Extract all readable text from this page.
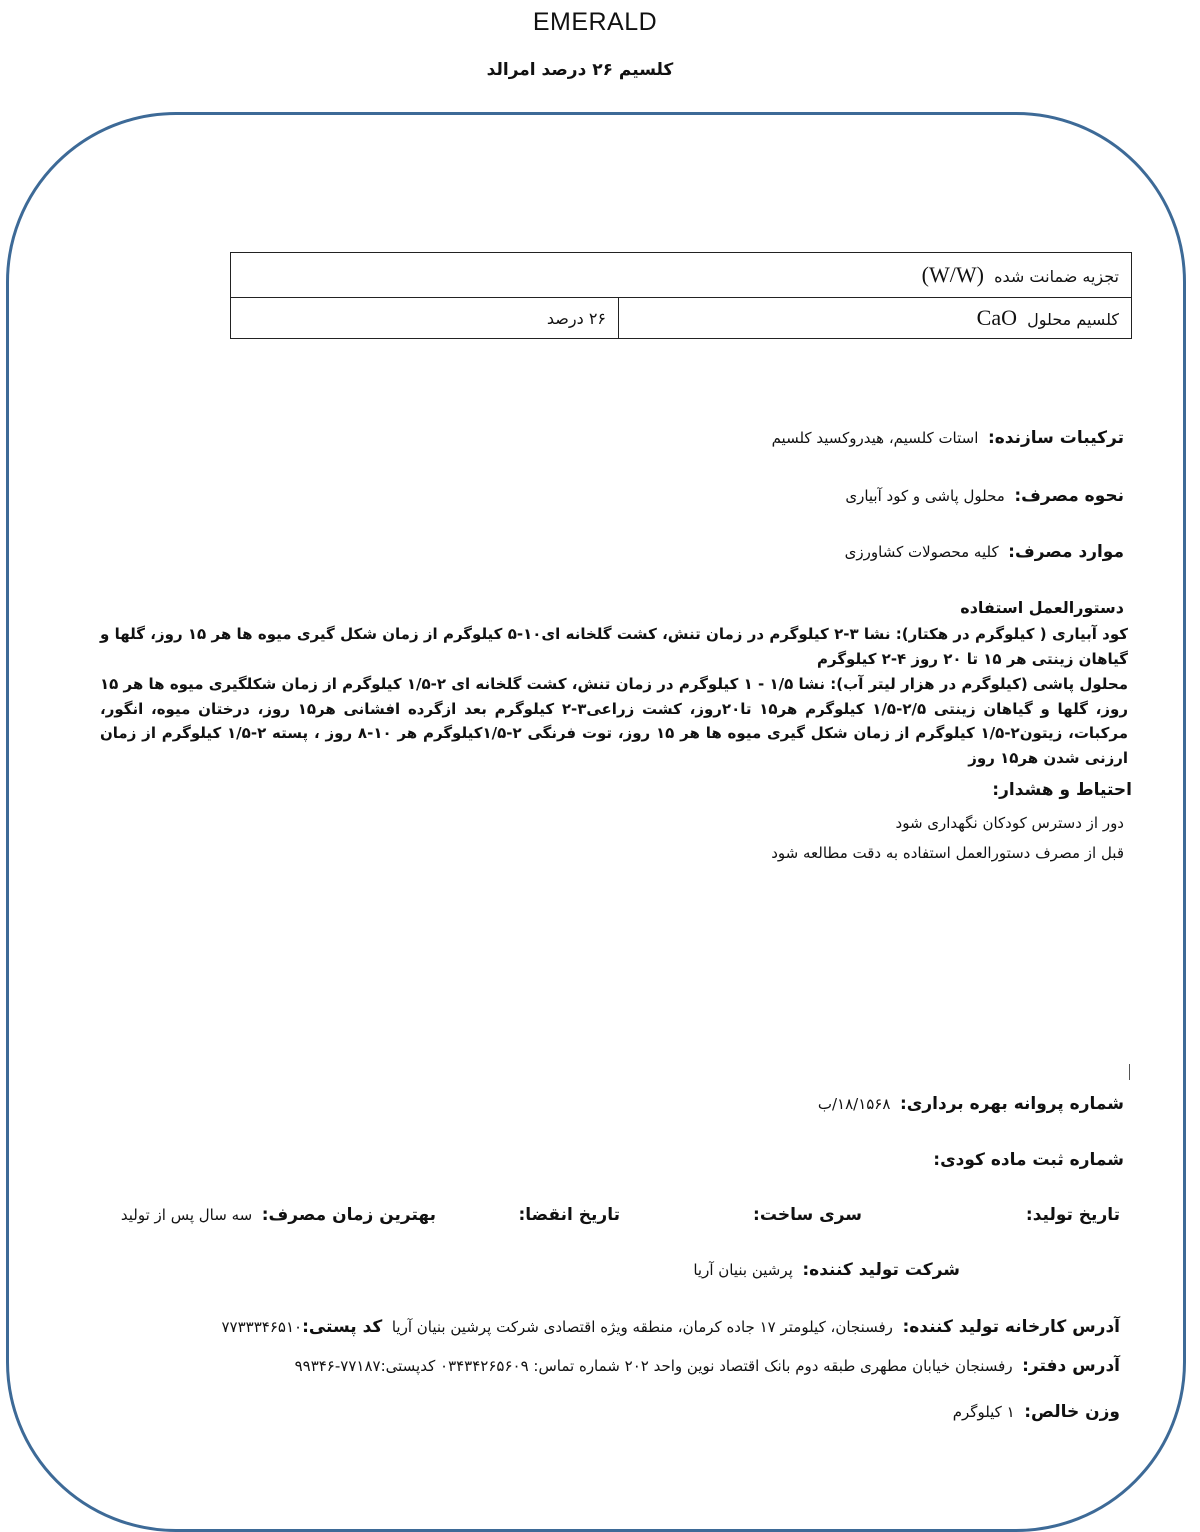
EMERALD
کلسیم ۲۶ درصد امرالد
تجزیه ضمانت شده  (W/W)
کلسیم محلول  CaO	۲۶ درصد
ترکیبات سازنده:  استات کلسیم، هیدروکسید کلسیم
نحوه مصرف:  محلول پاشی و کود آبیاری
موارد مصرف:  کلیه محصولات کشاورزی
دستورالعمل استفاده
کود آبیاری ( کیلوگرم در هکتار): نشا ۳-۲ کیلوگرم در زمان تنش، کشت گلخانه ای۱۰-۵ کیلوگرم از زمان شکل گیری میوه ها هر ۱۵ روز، گلها و گیاهان زینتی هر ۱۵ تا ۲۰ روز ۴-۲ کیلوگرم
محلول پاشی (کیلوگرم در هزار لیتر آب): نشا ۱/۵ - ۱ کیلوگرم در زمان تنش، کشت گلخانه ای ۲-۱/۵ کیلوگرم از زمان شکلگیری میوه ها هر ۱۵ روز، گلها و گیاهان زینتی ۲/۵-۱/۵ کیلوگرم هر۱۵ تا۲۰روز، کشت زراعی۳-۲ کیلوگرم بعد ازگرده افشانی هر۱۵ روز، درختان میوه، انگور، مرکبات، زیتون۲-۱/۵ کیلوگرم از زمان شکل گیری میوه ها هر ۱۵ روز، توت فرنگی ۲-۱/۵کیلوگرم هر ۱۰-۸ روز ، پسته ۲-۱/۵ کیلوگرم از زمان ارزنی شدن هر۱۵ روز
احتیاط و هشدار:
دور از دسترس کودکان نگهداری شود
قبل از مصرف دستورالعمل استفاده به دقت مطالعه شود
شماره پروانه بهره برداری:  ۱۸/۱۵۶۸/ب
شماره ثبت ماده کودی:
تاریخ تولید:
سری ساخت:
تاریخ انقضا:
بهترین زمان مصرف:  سه سال پس از تولید
شرکت تولید کننده:  پرشین بنیان آریا
آدرس کارخانه تولید کننده:  رفسنجان، کیلومتر ۱۷ جاده کرمان، منطقه ویژه اقتصادی شرکت پرشین بنیان آریا  کد پستی:۷۷۳۳۳۴۶۵۱۰
آدرس دفتر:  رفسنجان خیابان مطهری طبقه دوم بانک اقتصاد نوین واحد ۲۰۲ شماره تماس: ۰۳۴۳۴۲۶۵۶۰۹ کدپستی:۷۷۱۸۷-۹۹۳۴۶
وزن خالص:  ۱ کیلوگرم
